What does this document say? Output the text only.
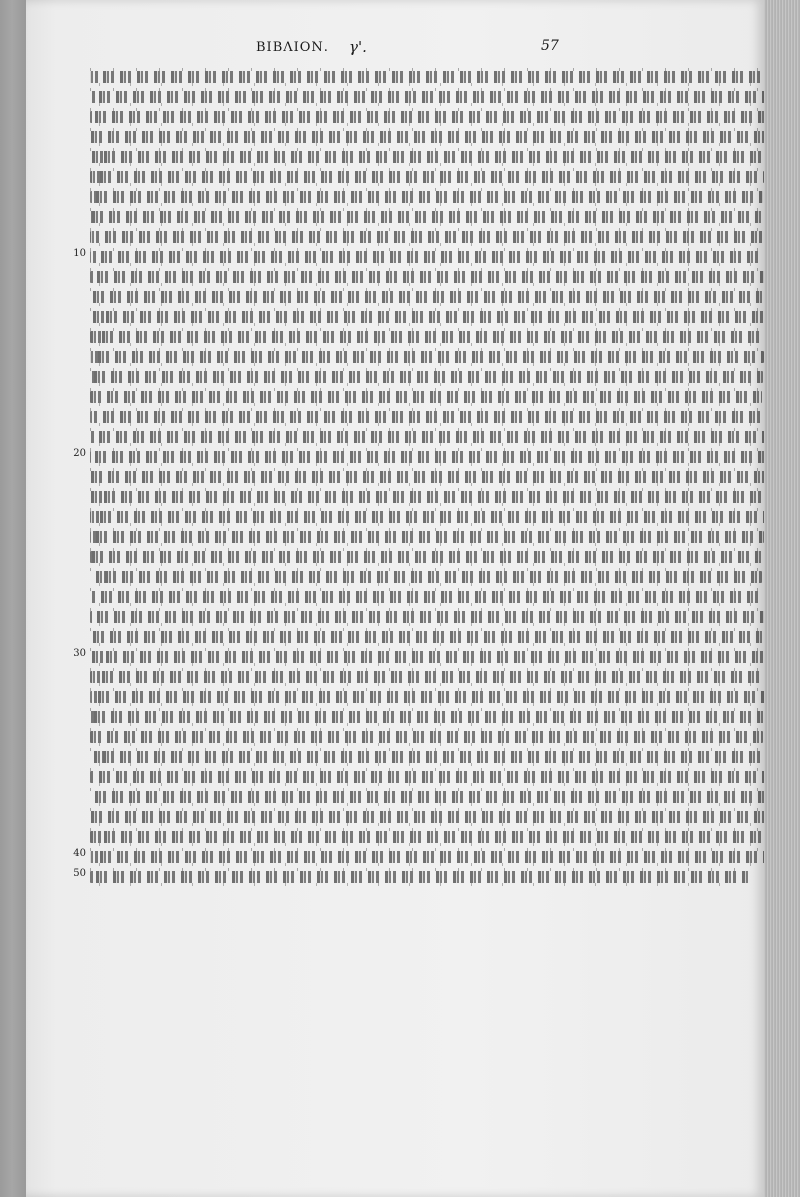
BIBΛΙΟΝ. γ'.	57
10
20
30
40
50
